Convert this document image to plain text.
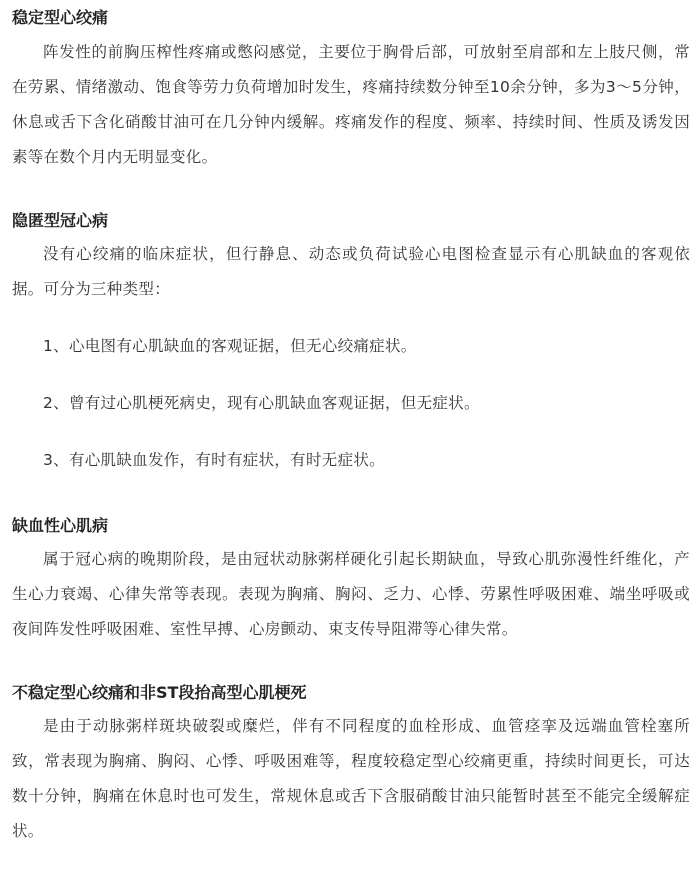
稳定型心绞痛

阵发性的前胸压榨性疼痛或憋闷感觉，主要位于胸骨后部，可放射至肩部和左上肢尺侧，常在劳累、情绪激动、饱食等劳力负荷增加时发生，疼痛持续数分钟至10余分钟，多为3～5分钟，休息或舌下含化硝酸甘油可在几分钟内缓解。疼痛发作的程度、频率、持续时间、性质及诱发因素等在数个月内无明显变化。

隐匿型冠心病

没有心绞痛的临床症状，但行静息、动态或负荷试验心电图检查显示有心肌缺血的客观依据。可分为三种类型：

1、心电图有心肌缺血的客观证据，但无心绞痛症状。

2、曾有过心肌梗死病史，现有心肌缺血客观证据，但无症状。

3、有心肌缺血发作，有时有症状，有时无症状。

缺血性心肌病

属于冠心病的晚期阶段，是由冠状动脉粥样硬化引起长期缺血，导致心肌弥漫性纤维化，产生心力衰竭、心律失常等表现。表现为胸痛、胸闷、乏力、心悸、劳累性呼吸困难、端坐呼吸或夜间阵发性呼吸困难、室性早搏、心房颤动、束支传导阻滞等心律失常。

不稳定型心绞痛和非ST段抬高型心肌梗死

是由于动脉粥样斑块破裂或糜烂，伴有不同程度的血栓形成、血管痉挛及远端血管栓塞所致，常表现为胸痛、胸闷、心悸、呼吸困难等，程度较稳定型心绞痛更重，持续时间更长，可达数十分钟，胸痛在休息时也可发生，常规休息或舌下含服硝酸甘油只能暂时甚至不能完全缓解症状。
